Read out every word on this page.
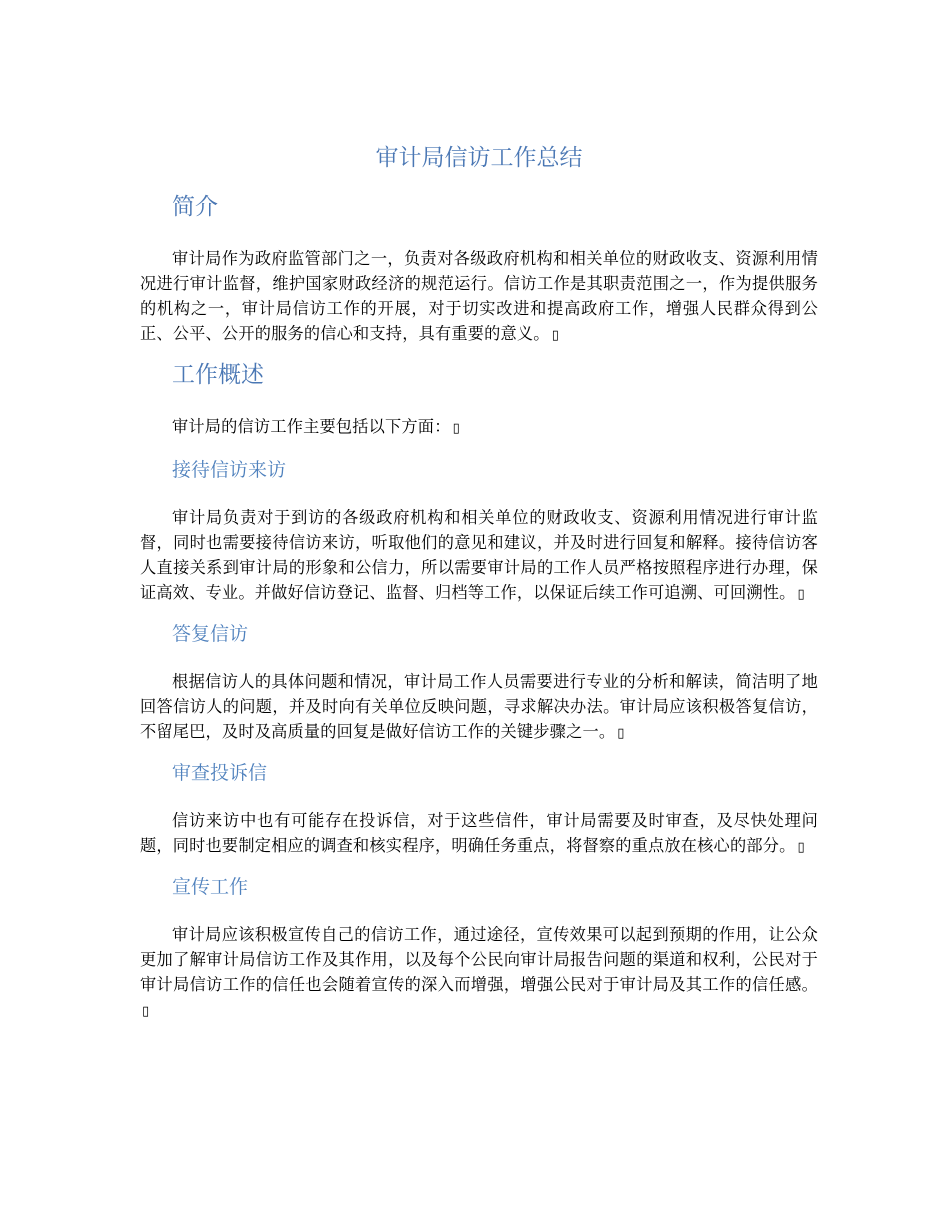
审计局信访工作总结
简介

审计局作为政府监管部门之一，负责对各级政府机构和相关单位的财政收支、资源利用情况进行审计监督，维护国家财政经济的规范运行。信访工作是其职责范围之一，作为提供服务的机构之一，审计局信访工作的开展，对于切实改进和提高政府工作，增强人民群众得到公正、公平、公开的服务的信心和支持，具有重要的意义。 ▯

工作概述

审计局的信访工作主要包括以下方面： ▯

接待信访来访

审计局负责对于到访的各级政府机构和相关单位的财政收支、资源利用情况进行审计监督，同时也需要接待信访来访，听取他们的意见和建议，并及时进行回复和解释。接待信访客人直接关系到审计局的形象和公信力，所以需要审计局的工作人员严格按照程序进行办理，保证高效、专业。并做好信访登记、监督、归档等工作，以保证后续工作可追溯、可回溯性。 ▯

答复信访

根据信访人的具体问题和情况，审计局工作人员需要进行专业的分析和解读，简洁明了地回答信访人的问题，并及时向有关单位反映问题，寻求解决办法。审计局应该积极答复信访，不留尾巴，及时及高质量的回复是做好信访工作的关键步骤之一。 ▯

审查投诉信

信访来访中也有可能存在投诉信，对于这些信件，审计局需要及时审查，及尽快处理问题，同时也要制定相应的调查和核实程序，明确任务重点，将督察的重点放在核心的部分。 ▯

宣传工作

审计局应该积极宣传自己的信访工作，通过途径，宣传效果可以起到预期的作用，让公众更加了解审计局信访工作及其作用，以及每个公民向审计局报告问题的渠道和权利，公民对于审计局信访工作的信任也会随着宣传的深入而增强，增强公民对于审计局及其工作的信任感。▯
